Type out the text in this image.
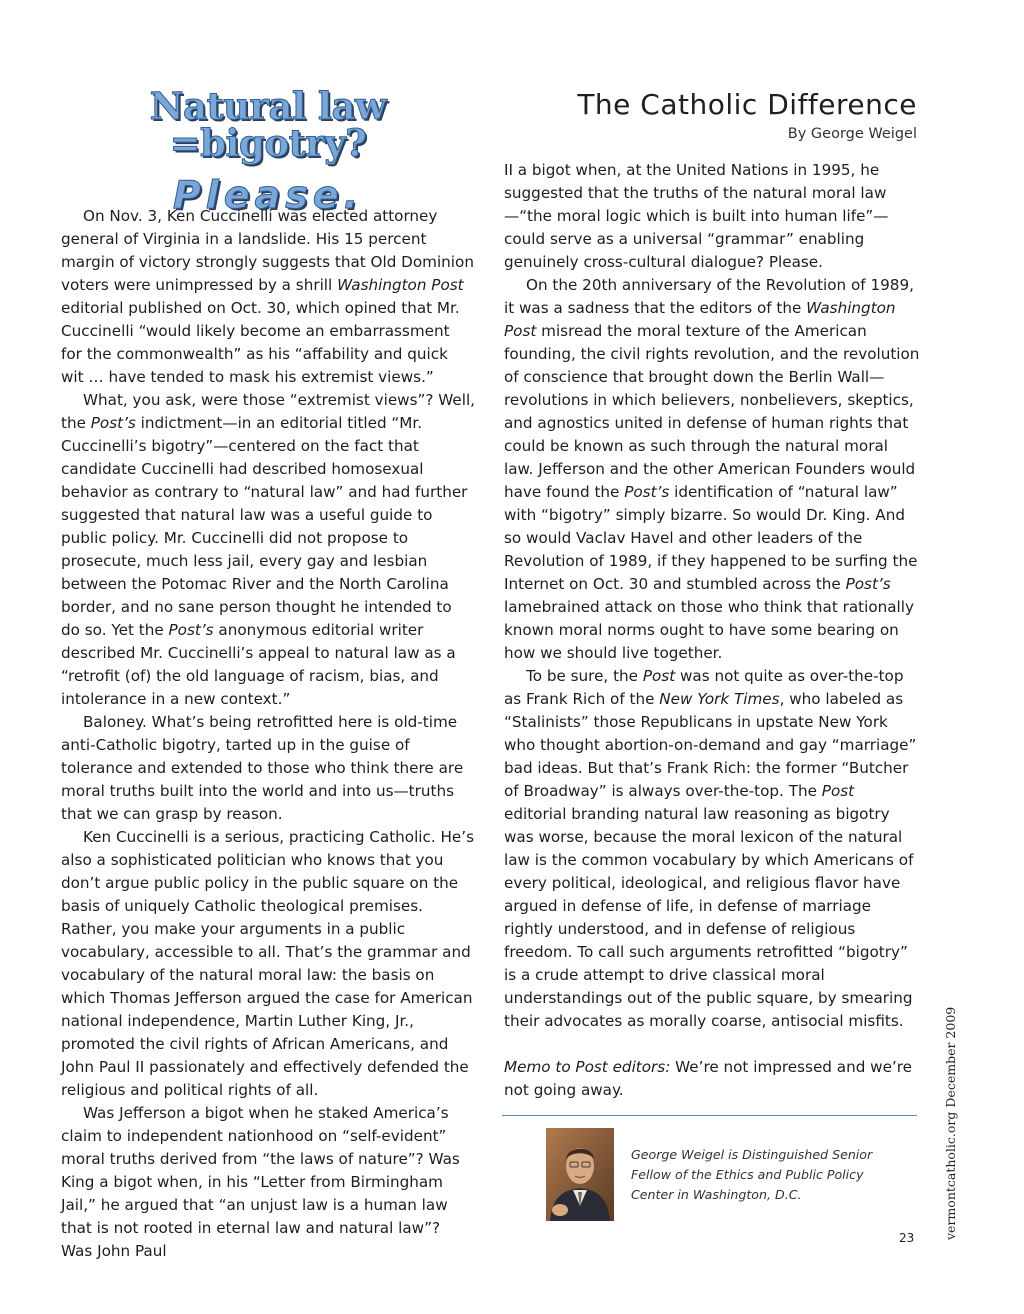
Natural law =bigotry?
Please.
The Catholic Difference
By George Weigel

On Nov. 3, Ken Cuccinelli was elected attorney general of Virginia in a landslide. His 15 percent margin of victory strongly suggests that Old Dominion voters were unimpressed by a shrill Washington Post editorial published on Oct. 30, which opined that Mr. Cuccinelli “would likely become an embarrassment for the commonwealth” as his “affability and quick wit … have tended to mask his extremist views.”

What, you ask, were those “extremist views”? Well, the Post’s indictment—in an editorial titled “Mr. Cuccinelli’s bigotry”—centered on the fact that candidate Cuccinelli had described homosexual behavior as contrary to “natural law” and had further suggested that natural law was a useful guide to public policy. Mr. Cuccinelli did not propose to prosecute, much less jail, every gay and lesbian between the Potomac River and the North Carolina border, and no sane person thought he intended to do so. Yet the Post’s anonymous editorial writer described Mr. Cuccinelli’s appeal to natural law as a “retrofit (of) the old language of racism, bias, and intolerance in a new context.”

Baloney. What’s being retrofitted here is old-time anti-Catholic bigotry, tarted up in the guise of tolerance and extended to those who think there are moral truths built into the world and into us—truths that we can grasp by reason.

Ken Cuccinelli is a serious, practicing Catholic. He’s also a sophisticated politician who knows that you don’t argue public policy in the public square on the basis of uniquely Catholic theological premises. Rather, you make your arguments in a public vocabulary, accessible to all. That’s the grammar and vocabulary of the natural moral law: the basis on which Thomas Jefferson argued the case for American national independence, Martin Luther King, Jr., promoted the civil rights of African Americans, and John Paul II passionately and effectively defended the religious and political rights of all.

Was Jefferson a bigot when he staked America’s claim to independent nationhood on “self-evident” moral truths derived from “the laws of nature”? Was King a bigot when, in his “Letter from Birmingham Jail,” he argued that “an unjust law is a human law that is not rooted in eternal law and natural law”? Was John Paul

II a bigot when, at the United Nations in 1995, he suggested that the truths of the natural moral law—“the moral logic which is built into human life”—could serve as a universal “grammar” enabling genuinely cross-cultural dialogue? Please.

On the 20th anniversary of the Revolution of 1989, it was a sadness that the editors of the Washington Post misread the moral texture of the American founding, the civil rights revolution, and the revolution of conscience that brought down the Berlin Wall—revolutions in which believers, nonbelievers, skeptics, and agnostics united in defense of human rights that could be known as such through the natural moral law. Jefferson and the other American Founders would have found the Post’s identification of “natural law” with “bigotry” simply bizarre. So would Dr. King. And so would Vaclav Havel and other leaders of the Revolution of 1989, if they happened to be surfing the Internet on Oct. 30 and stumbled across the Post’s lamebrained attack on those who think that rationally known moral norms ought to have some bearing on how we should live together.

To be sure, the Post was not quite as over-the-top as Frank Rich of the New York Times, who labeled as “Stalinists” those Republicans in upstate New York who thought abortion-on-demand and gay “marriage” bad ideas. But that’s Frank Rich: the former “Butcher of Broadway” is always over-the-top. The Post editorial branding natural law reasoning as bigotry was worse, because the moral lexicon of the natural law is the common vocabulary by which Americans of every political, ideological, and religious flavor have argued in defense of life, in defense of marriage rightly understood, and in defense of religious freedom. To call such arguments retrofitted “bigotry” is a crude attempt to drive classical moral understandings out of the public square, by smearing their advocates as morally coarse, antisocial misfits.

Memo to Post editors: We’re not impressed and we’re not going away.

George Weigel is Distinguished Senior Fellow of the Ethics and Public Policy Center in Washington, D.C.	vermontcatholic.org December 2009
23
